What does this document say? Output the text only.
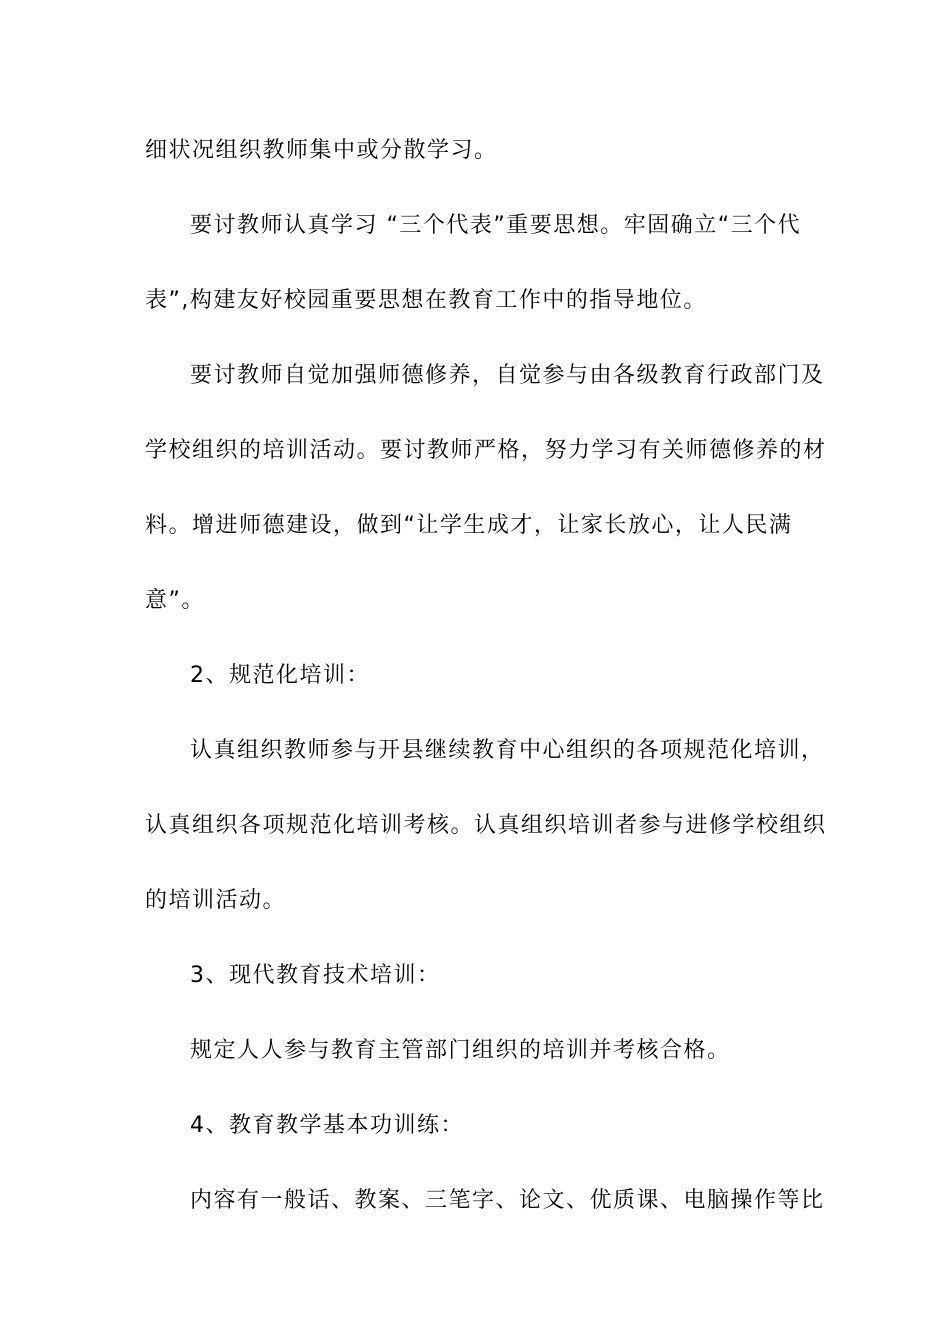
细状况组织教师集中或分散学习。
要讨教师认真学习 “三个代表”重要思想。牢固确立“三个代
表”,构建友好校园重要思想在教育工作中的指导地位。
要讨教师自觉加强师德修养，自觉参与由各级教育行政部门及
学校组织的培训活动。要讨教师严格，努力学习有关师德修养的材
料。增进师德建设，做到“让学生成才，让家长放心，让人民满
意”。
2、规范化培训：
认真组织教师参与开县继续教育中心组织的各项规范化培训，
认真组织各项规范化培训考核。认真组织培训者参与进修学校组织
的培训活动。
3、现代教育技术培训：
规定人人参与教育主管部门组织的培训并考核合格。
4、教育教学基本功训练：
内容有一般话、教案、三笔字、论文、优质课、电脑操作等比
